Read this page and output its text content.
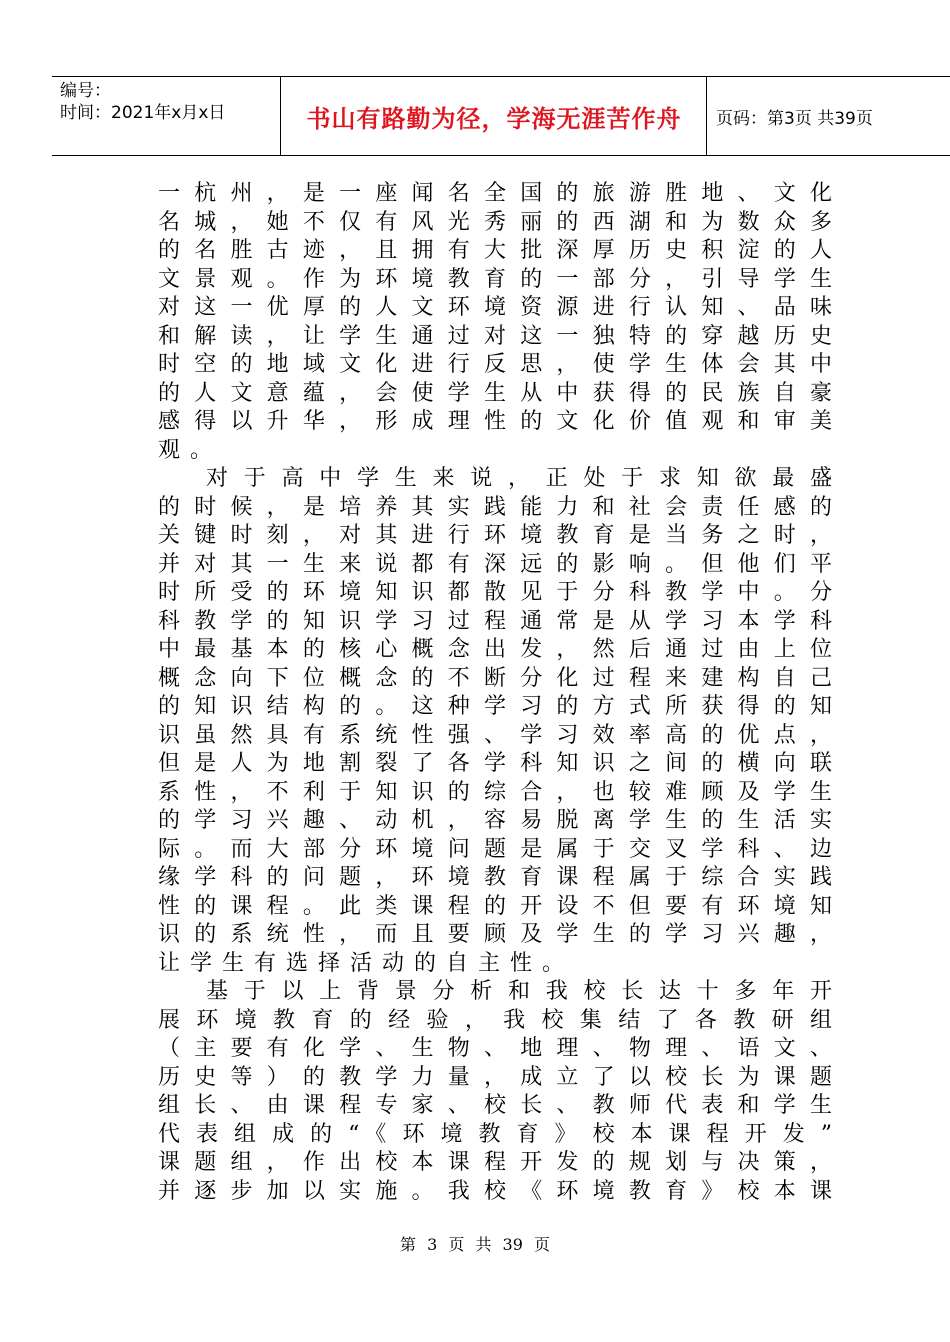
编号：
时间：2021年x月x日	书山有路勤为径，学海无涯苦作舟	页码：第3页 共39页
一杭州，是一座闻名全国的旅游胜地、文化
名城，她不仅有风光秀丽的西湖和为数众多
的名胜古迹，且拥有大批深厚历史积淀的人
文景观。作为环境教育的一部分，引导学生
对这一优厚的人文环境资源进行认知、品味
和解读，让学生通过对这一独特的穿越历史
时空的地域文化进行反思，使学生体会其中
的人文意蕴，会使学生从中获得的民族自豪
感得以升华，形成理性的文化价值观和审美
观。
对于高中学生来说，正处于求知欲最盛
的时候，是培养其实践能力和社会责任感的
关键时刻，对其进行环境教育是当务之时，
并对其一生来说都有深远的影响。但他们平
时所受的环境知识都散见于分科教学中。分
科教学的知识学习过程通常是从学习本学科
中最基本的核心概念出发，然后通过由上位
概念向下位概念的不断分化过程来建构自己
的知识结构的。这种学习的方式所获得的知
识虽然具有系统性强、学习效率高的优点，
但是人为地割裂了各学科知识之间的横向联
系性，不利于知识的综合，也较难顾及学生
的学习兴趣、动机，容易脱离学生的生活实
际。而大部分环境问题是属于交叉学科、边
缘学科的问题，环境教育课程属于综合实践
性的课程。此类课程的开设不但要有环境知
识的系统性，而且要顾及学生的学习兴趣，
让学生有选择活动的自主性。
基于以上背景分析和我校长达十多年开
展环境教育的经验，我校集结了各教研组
（主要有化学、生物、地理、物理、语文、
历史等）的教学力量，成立了以校长为课题
组长、由课程专家、校长、教师代表和学生
代表组成的“《环境教育》校本课程开发”
课题组，作出校本课程开发的规划与决策，
并逐步加以实施。我校《环境教育》校本课
第 3 页 共 39 页
